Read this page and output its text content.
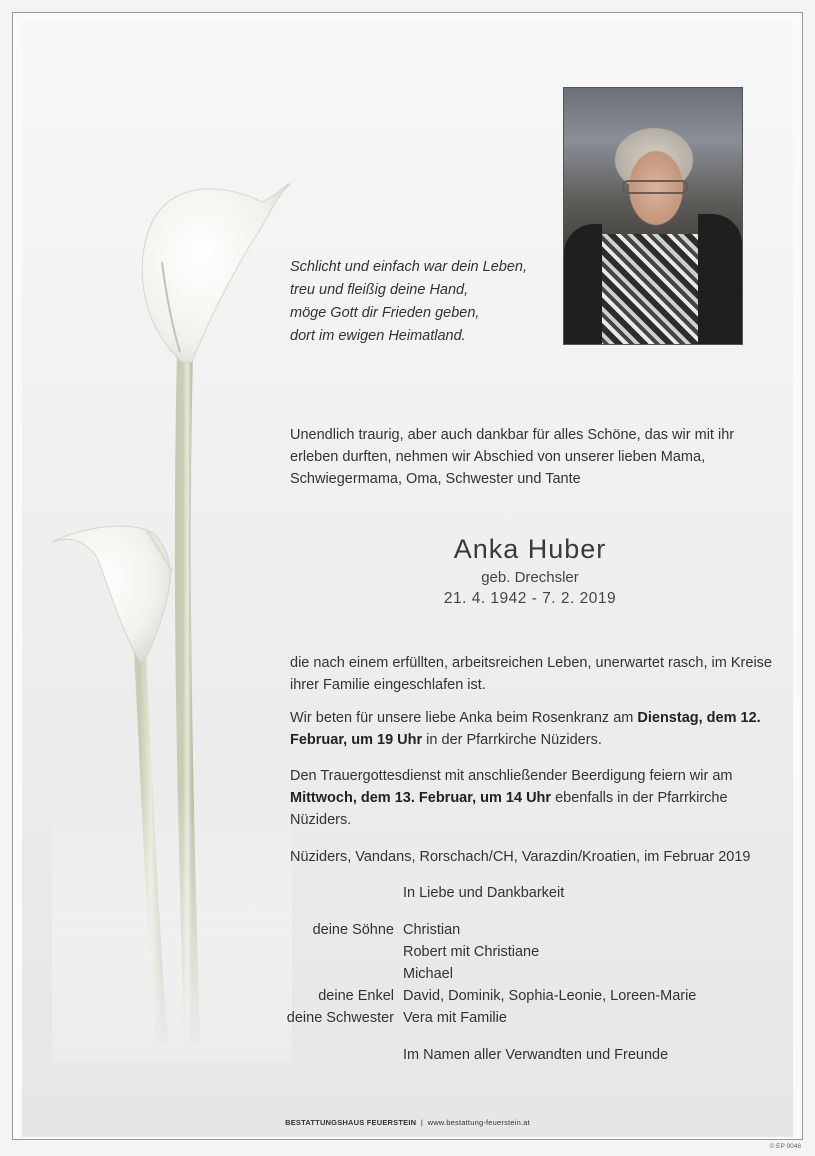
Schlicht und einfach war dein Leben,
treu und fleißig deine Hand,
möge Gott dir Frieden geben,
dort im ewigen Heimatland.
Unendlich traurig, aber auch dankbar für alles Schöne, das wir mit ihr erleben durften, nehmen wir Abschied von unserer lieben Mama, Schwiegermama, Oma, Schwester und Tante
Anka Huber
geb. Drechsler
21. 4. 1942 - 7. 2. 2019
die nach einem erfüllten, arbeitsreichen Leben, unerwartet rasch, im Kreise ihrer Familie eingeschlafen ist.
Wir beten für unsere liebe Anka beim Rosenkranz am Dienstag, dem 12. Februar, um 19 Uhr in der Pfarrkirche Nüziders.
Den Trauergottesdienst mit anschließender Beerdigung feiern wir am Mittwoch, dem 13. Februar, um 14 Uhr ebenfalls in der Pfarrkirche Nüziders.
Nüziders, Vandans, Rorschach/CH, Varazdin/Kroatien, im Februar 2019
In Liebe und Dankbarkeit
deine Söhne Christian
Robert mit Christiane
Michael
deine Enkel David, Dominik, Sophia-Leonie, Loreen-Marie
deine Schwester Vera mit Familie
Im Namen aller Verwandten und Freunde
BESTATTUNGSHAUS FEUERSTEIN | www.bestattung-feuerstein.at
© EP 9048
